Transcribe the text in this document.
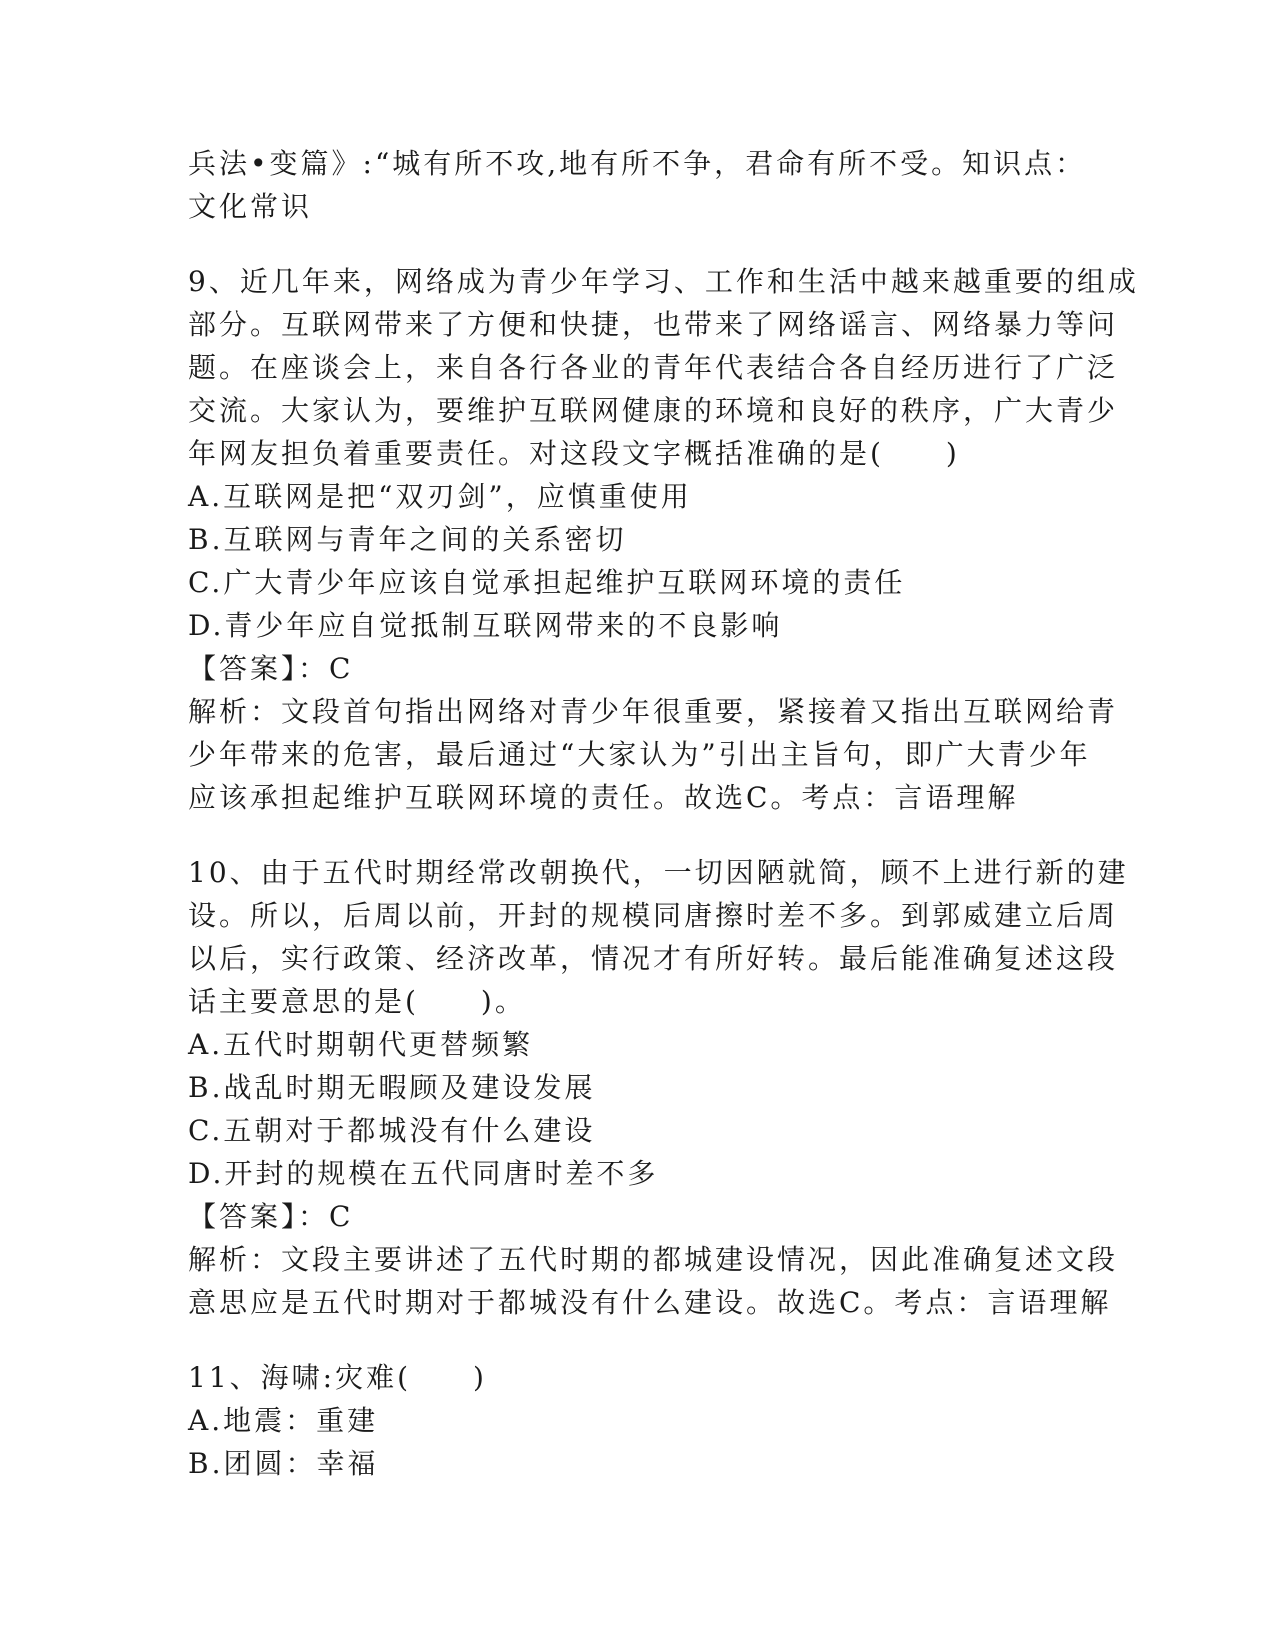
兵法•变篇》:“城有所不攻,地有所不争，君命有所不受。知识点：
文化常识
9、近几年来，网络成为青少年学习、工作和生活中越来越重要的组成
部分。互联网带来了方便和快捷，也带来了网络谣言、网络暴力等问
题。在座谈会上，来自各行各业的青年代表结合各自经历进行了广泛
交流。大家认为，要维护互联网健康的环境和良好的秩序，广大青少
年网友担负着重要责任。对这段文字概括准确的是(　　)
A.互联网是把“双刃剑”，应慎重使用
B.互联网与青年之间的关系密切
C.广大青少年应该自觉承担起维护互联网环境的责任
D.青少年应自觉抵制互联网带来的不良影响
【答案】：C
解析：文段首句指出网络对青少年很重要，紧接着又指出互联网给青
少年带来的危害，最后通过“大家认为”引出主旨句，即广大青少年
应该承担起维护互联网环境的责任。故选C。考点：言语理解
10、由于五代时期经常改朝换代，一切因陋就简，顾不上进行新的建
设。所以，后周以前，开封的规模同唐擦时差不多。到郭威建立后周
以后，实行政策、经济改革，情况才有所好转。最后能准确复述这段
话主要意思的是(　　)。
A.五代时期朝代更替频繁
B.战乱时期无暇顾及建设发展
C.五朝对于都城没有什么建设
D.开封的规模在五代同唐时差不多
【答案】：C
解析：文段主要讲述了五代时期的都城建设情况，因此准确复述文段
意思应是五代时期对于都城没有什么建设。故选C。考点：言语理解
11、海啸:灾难(　　)
A.地震：重建
B.团圆：幸福
